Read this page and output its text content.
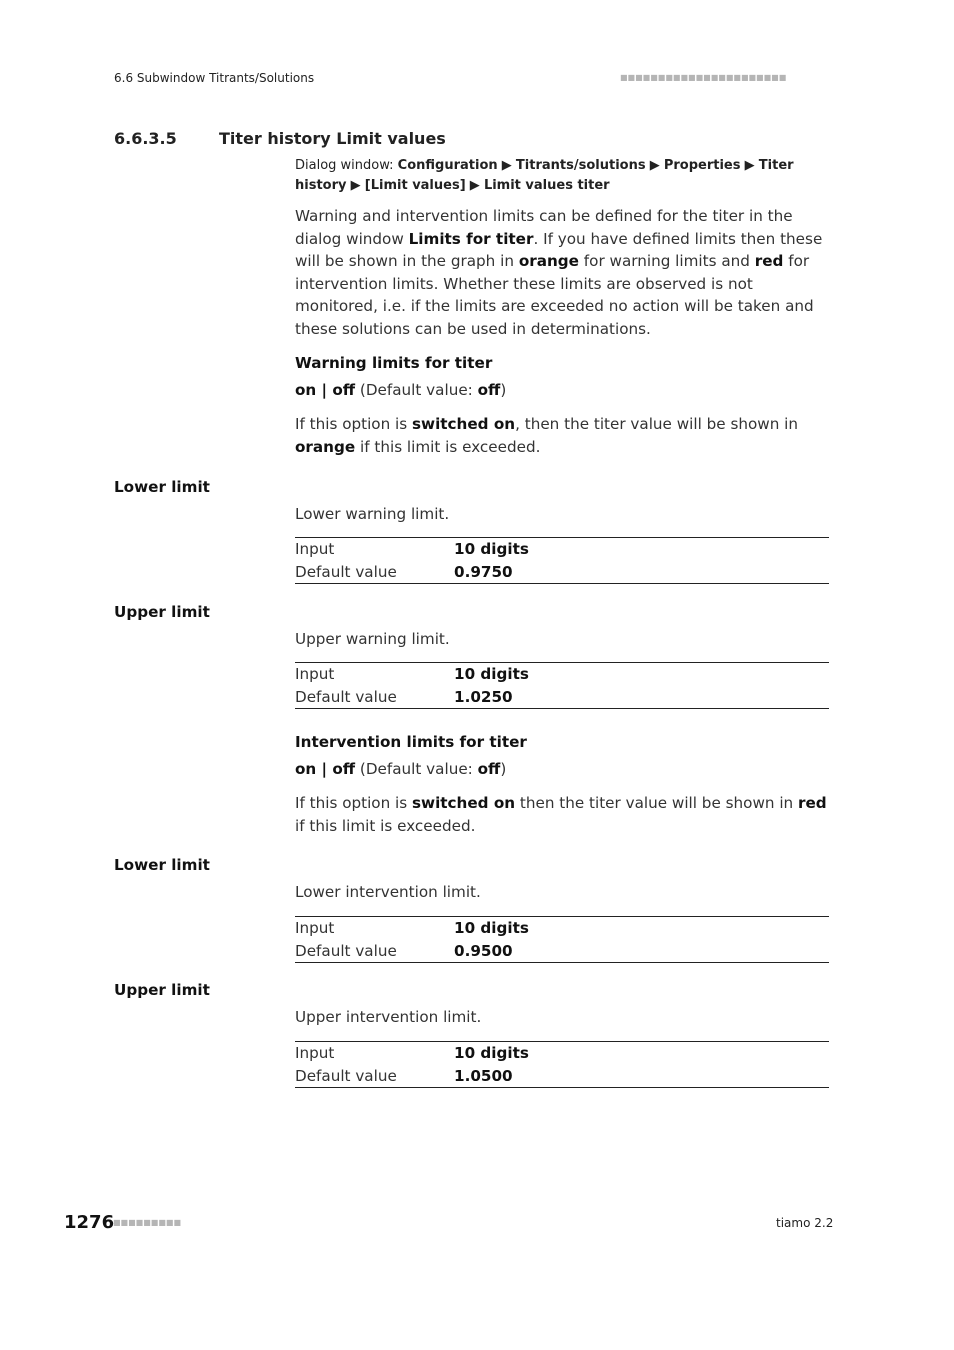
6.6 Subwindow Titrants/Solutions	■■■■■■■■■■■■■■■■■■■■■■
6.6.3.5	Titer history Limit values
Dialog window: Configuration ▶ Titrants/solutions ▶ Properties ▶ Titer history ▶ [Limit values] ▶ Limit values titer
Warning and intervention limits can be defined for the titer in the dialog window Limits for titer. If you have defined limits then these will be shown in the graph in orange for warning limits and red for intervention limits. Whether these limits are observed is not monitored, i.e. if the limits are exceeded no action will be taken and these solutions can be used in determinations.
Warning limits for titer
on | off (Default value: off)
If this option is switched on, then the titer value will be shown in orange if this limit is exceeded.
Lower limit
Lower warning limit.
Input	10 digits
Default value	0.9750
Upper limit
Upper warning limit.
Input	10 digits
Default value	1.0250
Intervention limits for titer
on | off (Default value: off)
If this option is switched on then the titer value will be shown in red if this limit is exceeded.
Lower limit
Lower intervention limit.
Input	10 digits
Default value	0.9500
Upper limit
Upper intervention limit.
Input	10 digits
Default value	1.0500
1276
■■■■■■■■■	tiamo 2.2
